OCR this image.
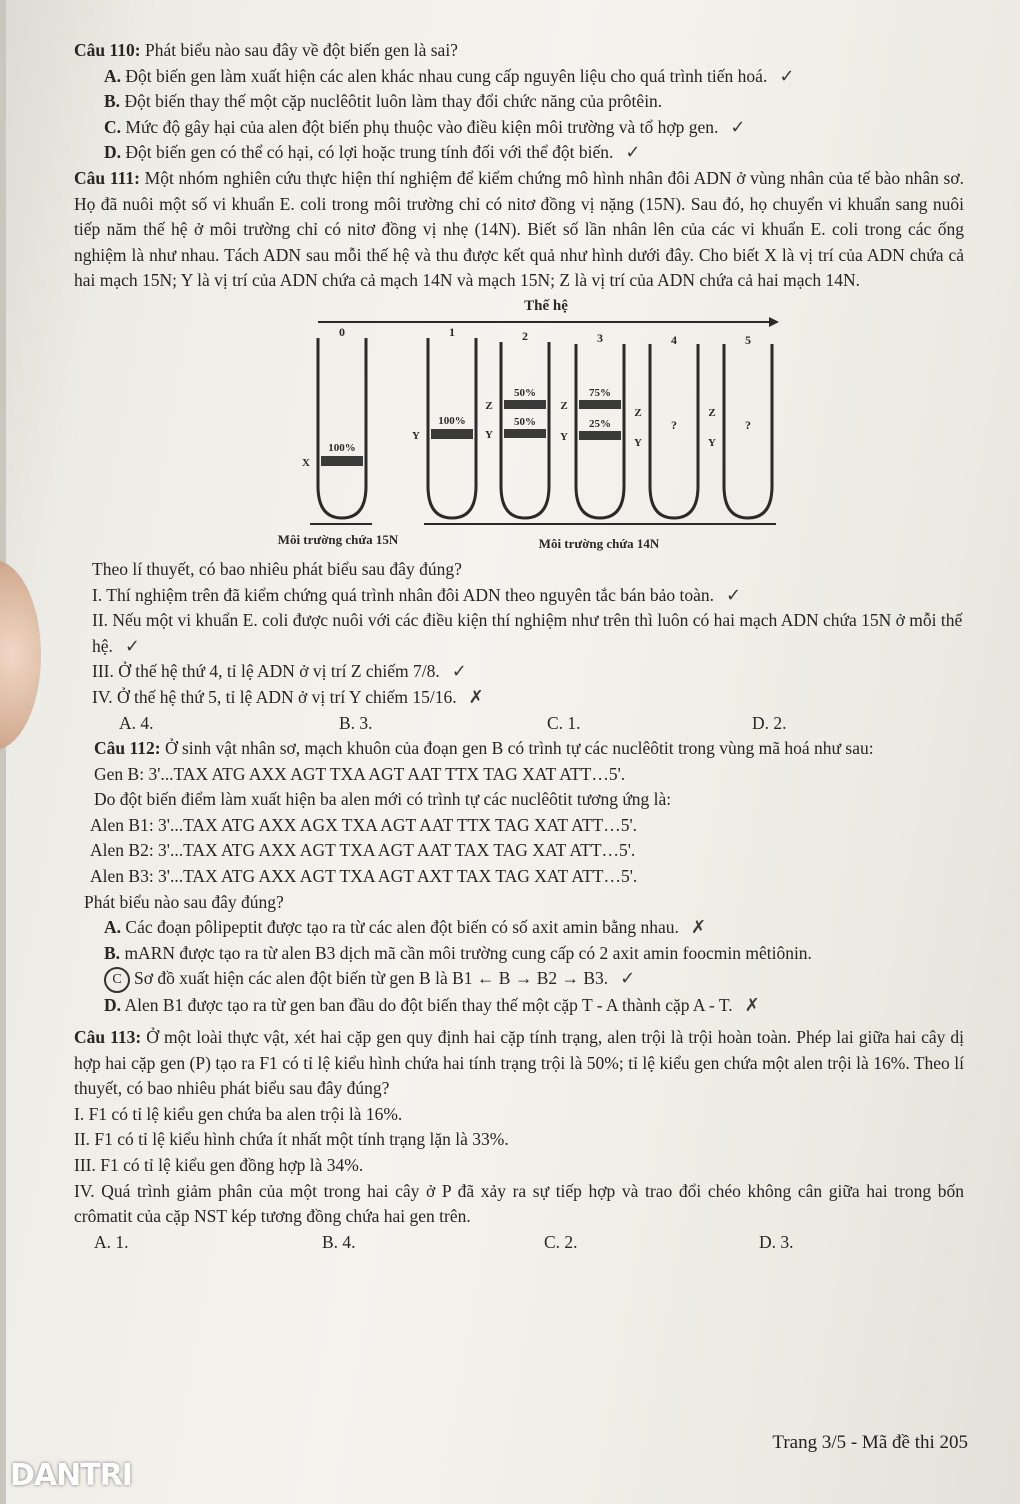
Câu 110: Phát biểu nào sau đây về đột biến gen là sai?

A. Đột biến gen làm xuất hiện các alen khác nhau cung cấp nguyên liệu cho quá trình tiến hoá. ✓

B. Đột biến thay thế một cặp nuclêôtit luôn làm thay đổi chức năng của prôtêin.

C. Mức độ gây hại của alen đột biến phụ thuộc vào điều kiện môi trường và tổ hợp gen. ✓

D. Đột biến gen có thể có hại, có lợi hoặc trung tính đối với thể đột biến. ✓

Câu 111: Một nhóm nghiên cứu thực hiện thí nghiệm để kiểm chứng mô hình nhân đôi ADN ở vùng nhân của tế bào nhân sơ. Họ đã nuôi một số vi khuẩn E. coli trong môi trường chỉ có nitơ đồng vị nặng (15N). Sau đó, họ chuyển vi khuẩn sang nuôi tiếp năm thế hệ ở môi trường chỉ có nitơ đồng vị nhẹ (14N). Biết số lần nhân lên của các vi khuẩn E. coli trong các ống nghiệm là như nhau. Tách ADN sau mỗi thế hệ và thu được kết quả như hình dưới đây. Cho biết X là vị trí của ADN chứa cả hai mạch 15N; Y là vị trí của ADN chứa cả mạch 14N và mạch 15N; Z là vị trí của ADN chứa cả hai mạch 14N.

Thế hệ
0	1	2	3	4	5
100%
X
100%
Y
50%
50%
Z
Y
75%
25%
Z
Y
?
Z
Y
?
Z
Y
Môi trường chứa 15N	Môi trường chứa 14N

Theo lí thuyết, có bao nhiêu phát biểu sau đây đúng?

I. Thí nghiệm trên đã kiểm chứng quá trình nhân đôi ADN theo nguyên tắc bán bảo toàn. ✓

II. Nếu một vi khuẩn E. coli được nuôi với các điều kiện thí nghiệm như trên thì luôn có hai mạch ADN chứa 15N ở mỗi thế hệ. ✓

III. Ở thế hệ thứ 4, tỉ lệ ADN ở vị trí Z chiếm 7/8. ✓

IV. Ở thế hệ thứ 5, tỉ lệ ADN ở vị trí Y chiếm 15/16. ✗

A. 4.	B. 3.	C. 1.	D. 2.

Câu 112: Ở sinh vật nhân sơ, mạch khuôn của đoạn gen B có trình tự các nuclêôtit trong vùng mã hoá như sau:

Gen B: 3'...TAX ATG AXX AGT TXA AGT AAT TTX TAG XAT ATT…5'.

Do đột biến điểm làm xuất hiện ba alen mới có trình tự các nuclêôtit tương ứng là:

Alen B1: 3'...TAX ATG AXX AGX TXA AGT AAT TTX TAG XAT ATT…5'.

Alen B2: 3'...TAX ATG AXX AGT TXA AGT AAT TAX TAG XAT ATT…5'.

Alen B3: 3'...TAX ATG AXX AGT TXA AGT AXT TAX TAG XAT ATT…5'.

Phát biểu nào sau đây đúng?

A. Các đoạn pôlipeptit được tạo ra từ các alen đột biến có số axit amin bằng nhau. ✗

B. mARN được tạo ra từ alen B3 dịch mã cần môi trường cung cấp có 2 axit amin foocmin mêtiônin.

C Sơ đồ xuất hiện các alen đột biến từ gen B là B1 ← B → B2 → B3. ✓

D. Alen B1 được tạo ra từ gen ban đầu do đột biến thay thế một cặp T - A thành cặp A - T. ✗

Câu 113: Ở một loài thực vật, xét hai cặp gen quy định hai cặp tính trạng, alen trội là trội hoàn toàn. Phép lai giữa hai cây dị hợp hai cặp gen (P) tạo ra F1 có tỉ lệ kiểu hình chứa hai tính trạng trội là 50%; tỉ lệ kiểu gen chứa một alen trội là 16%. Theo lí thuyết, có bao nhiêu phát biểu sau đây đúng?

I. F1 có tỉ lệ kiểu gen chứa ba alen trội là 16%.

II. F1 có tỉ lệ kiểu hình chứa ít nhất một tính trạng lặn là 33%.

III. F1 có tỉ lệ kiểu gen đồng hợp là 34%.

IV. Quá trình giảm phân của một trong hai cây ở P đã xảy ra sự tiếp hợp và trao đổi chéo không cân giữa hai trong bốn crômatit của cặp NST kép tương đồng chứa hai gen trên.

A. 1.	B. 4.	C. 2.	D. 3.
Trang 3/5 - Mã đề thi 205
DANTRI
